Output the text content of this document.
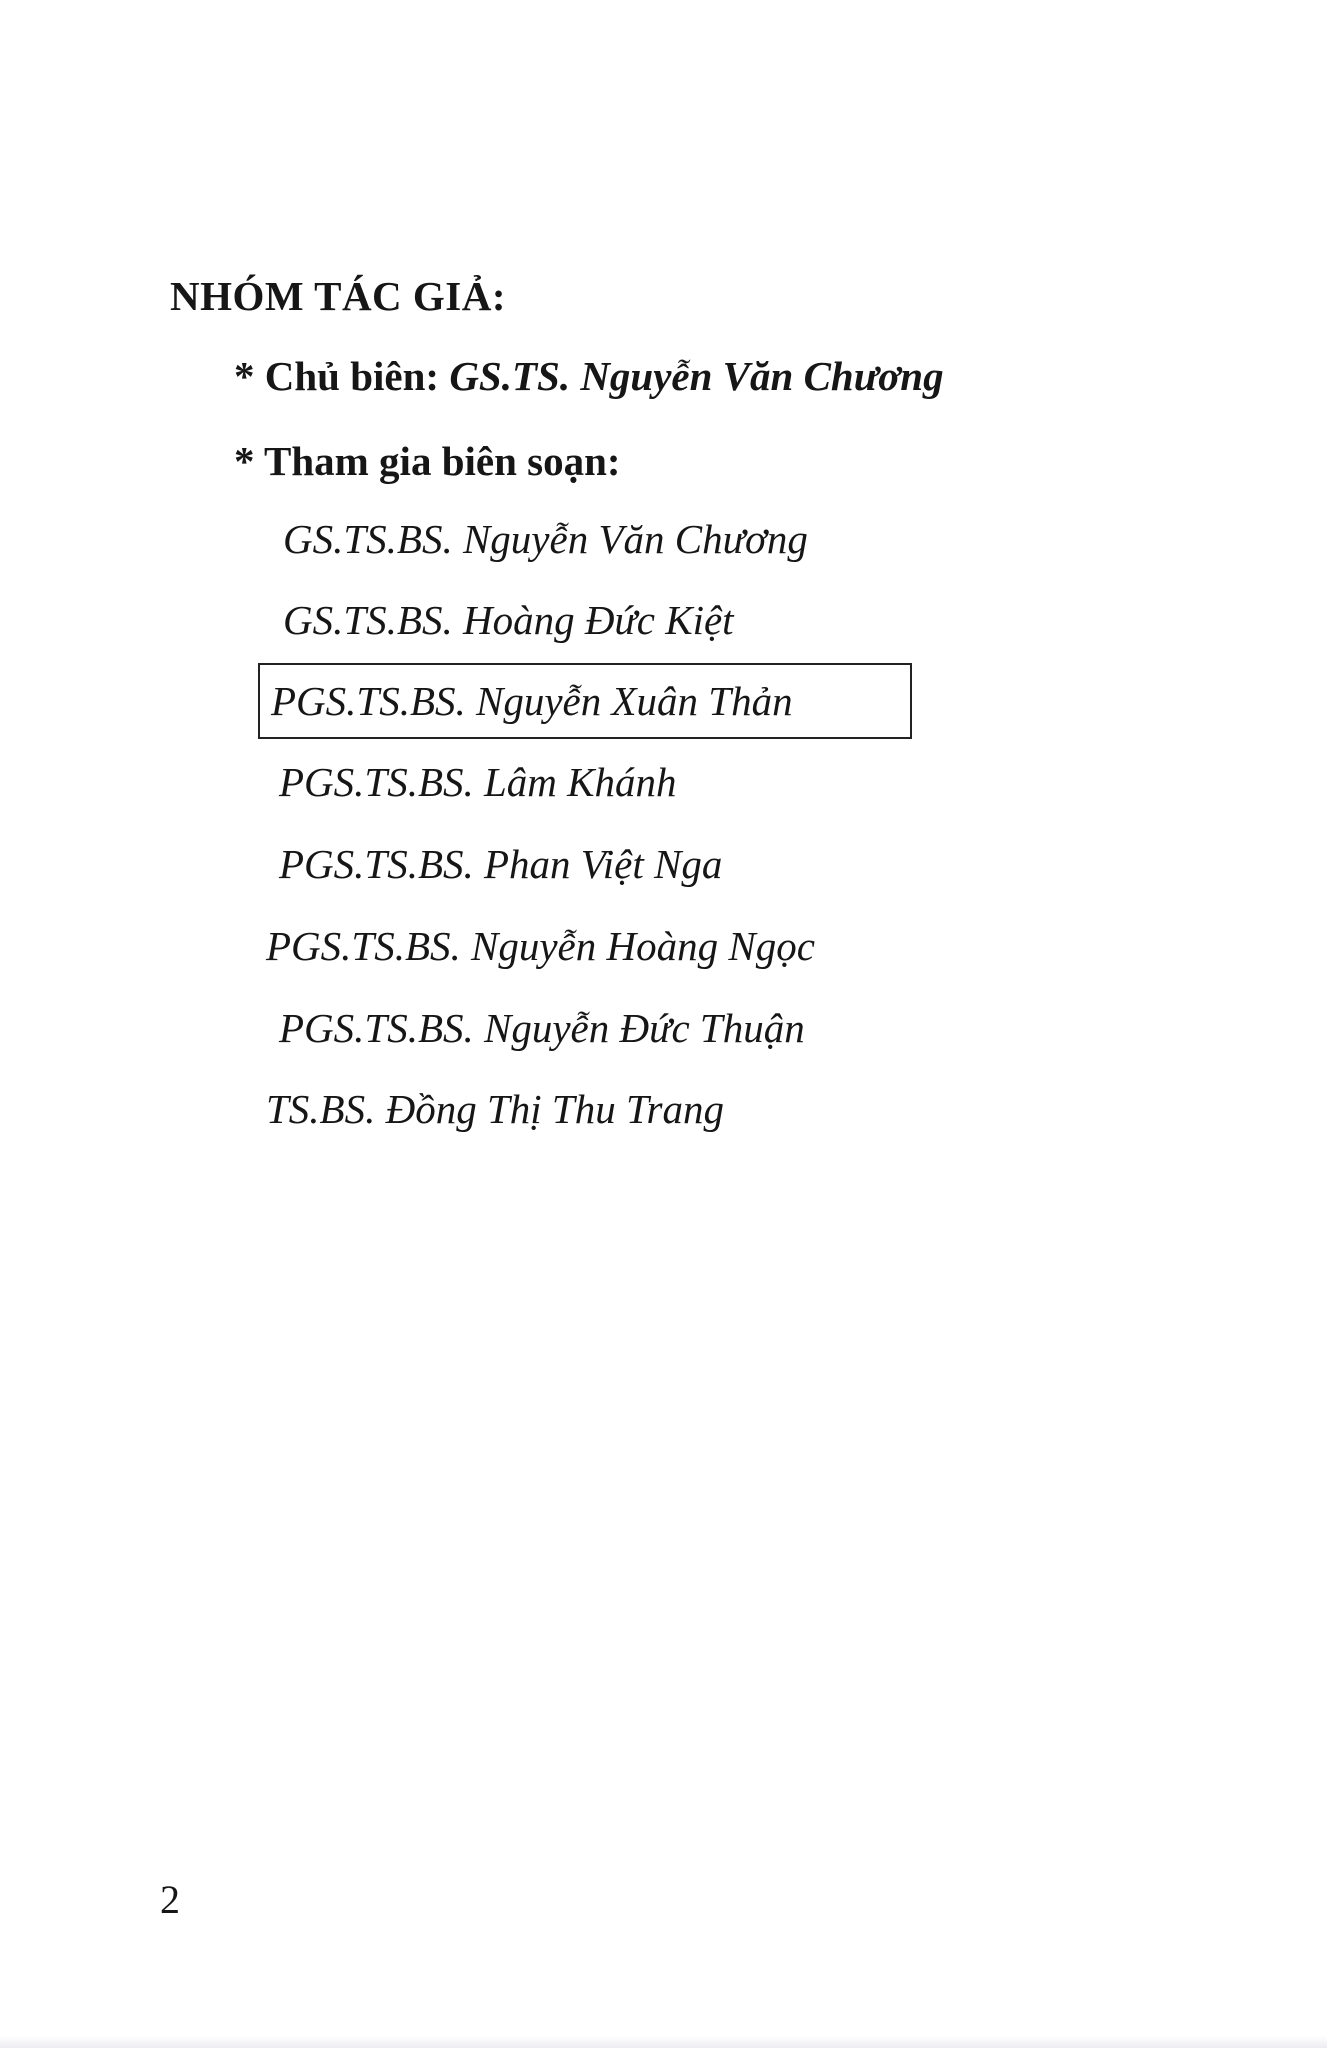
NHÓM TÁC GIẢ:
* Chủ biên: GS.TS. Nguyễn Văn Chương
* Tham gia biên soạn:
GS.TS.BS. Nguyễn Văn Chương
GS.TS.BS. Hoàng Đức Kiệt
PGS.TS.BS. Nguyễn Xuân Thản
PGS.TS.BS. Lâm Khánh
PGS.TS.BS. Phan Việt Nga
PGS.TS.BS. Nguyễn Hoàng Ngọc
PGS.TS.BS. Nguyễn Đức Thuận
TS.BS. Đồng Thị Thu Trang
2
